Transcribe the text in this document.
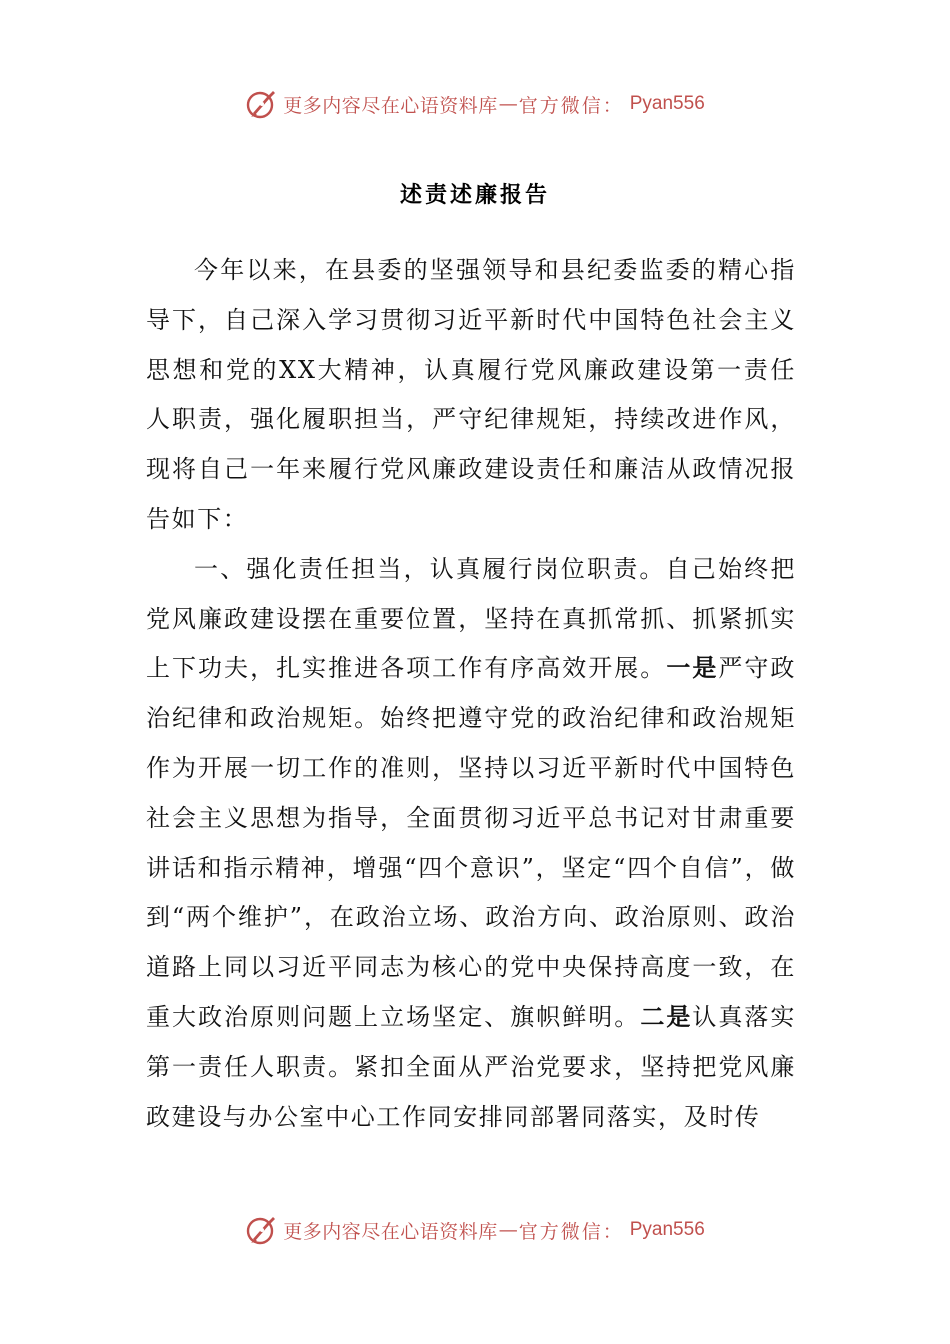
更多内容尽在心语资料库 — 官方微信： Pyan556
述责述廉报告

今年以来，在县委的坚强领导和县纪委监委的精心指导下，自己深入学习贯彻习近平新时代中国特色社会主义思想和党的XX大精神，认真履行党风廉政建设第一责任人职责，强化履职担当，严守纪律规矩，持续改进作风，现将自己一年来履行党风廉政建设责任和廉洁从政情况报告如下：

一、强化责任担当，认真履行岗位职责。自己始终把党风廉政建设摆在重要位置，坚持在真抓常抓、抓紧抓实上下功夫，扎实推进各项工作有序高效开展。一是严守政治纪律和政治规矩。始终把遵守党的政治纪律和政治规矩作为开展一切工作的准则，坚持以习近平新时代中国特色社会主义思想为指导，全面贯彻习近平总书记对甘肃重要讲话和指示精神，增强“四个意识”，坚定“四个自信”，做到“两个维护”，在政治立场、政治方向、政治原则、政治道路上同以习近平同志为核心的党中央保持高度一致，在重大政治原则问题上立场坚定、旗帜鲜明。二是认真落实第一责任人职责。紧扣全面从严治党要求，坚持把党风廉政建设与办公室中心工作同安排同部署同落实，及时传

更多内容尽在心语资料库 — 官方微信： Pyan556
